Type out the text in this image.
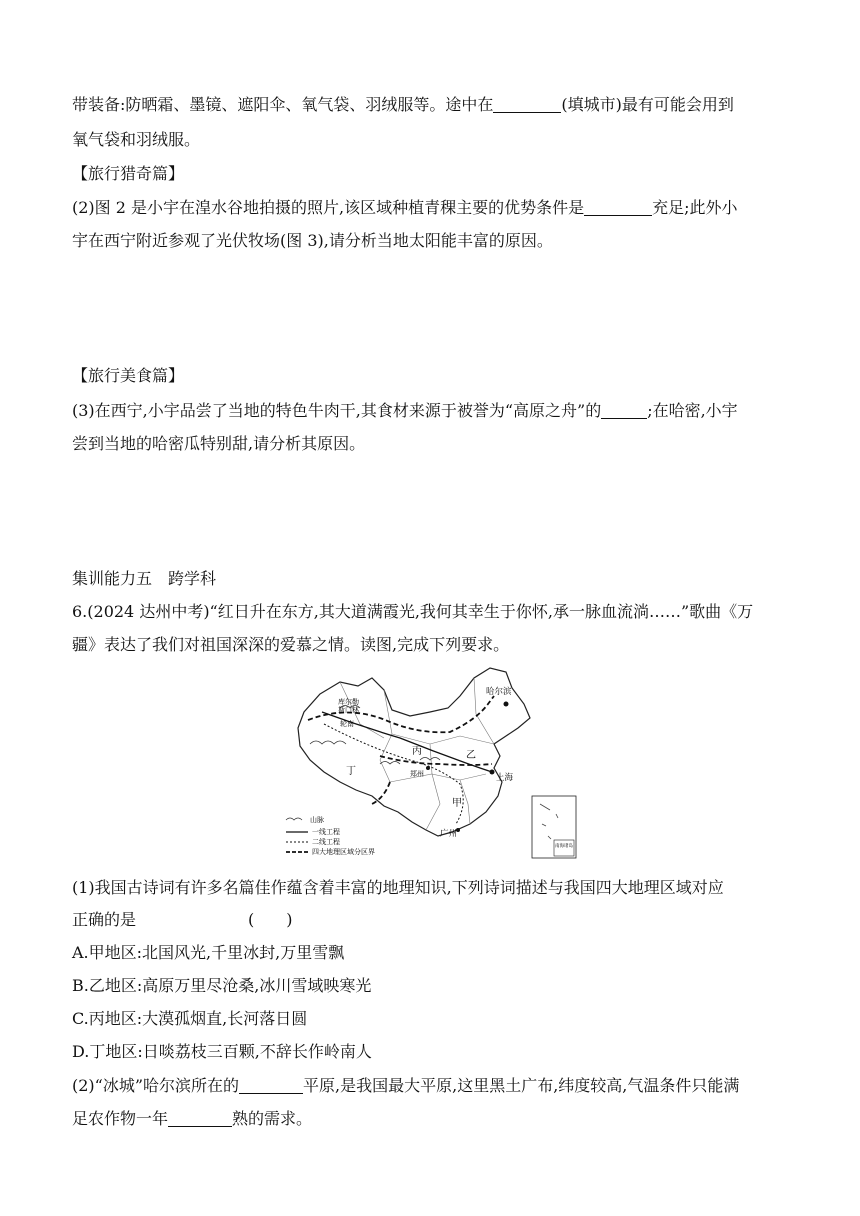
带装备:防晒霜、墨镜、遮阳伞、氧气袋、羽绒服等。途中在	(填城市)最有可能会用到
氧气袋和羽绒服。
【旅行猎奇篇】
(2)图 2 是小宇在湟水谷地拍摄的照片,该区域种植青稞主要的优势条件是	充足;此外小
宇在西宁附近参观了光伏牧场(图 3),请分析当地太阳能丰富的原因。
【旅行美食篇】
(3)在西宁,小宇品尝了当地的特色牛肉干,其食材来源于被誉为“高原之舟”的	;在哈密,小宇
尝到当地的哈密瓜特别甜,请分析其原因。
集训能力五　跨学科
6.(2024 达州中考)“红日升在东方,其大道满霞光,我何其幸生于你怀,承一脉血流淌……”歌曲《万
疆》表达了我们对祖国深深的爱慕之情。读图,完成下列要求。
哈尔滨
库尔勒
斯门林
轮南
丙	乙
丁
甲
郑州	上海
广州
南海诸岛
山脉
一线工程
二线工程
四大地理区域分区界
(1)我国古诗词有许多名篇佳作蕴含着丰富的地理知识,下列诗词描述与我国四大地理区域对应
正确的是	(　　)
A.甲地区:北国风光,千里冰封,万里雪飘
B.乙地区:高原万里尽沧桑,冰川雪域映寒光
C.丙地区:大漠孤烟直,长河落日圆
D.丁地区:日啖荔枝三百颗,不辞长作岭南人
(2)“冰城”哈尔滨所在的	平原,是我国最大平原,这里黑土广布,纬度较高,气温条件只能满
足农作物一年	熟的需求。
